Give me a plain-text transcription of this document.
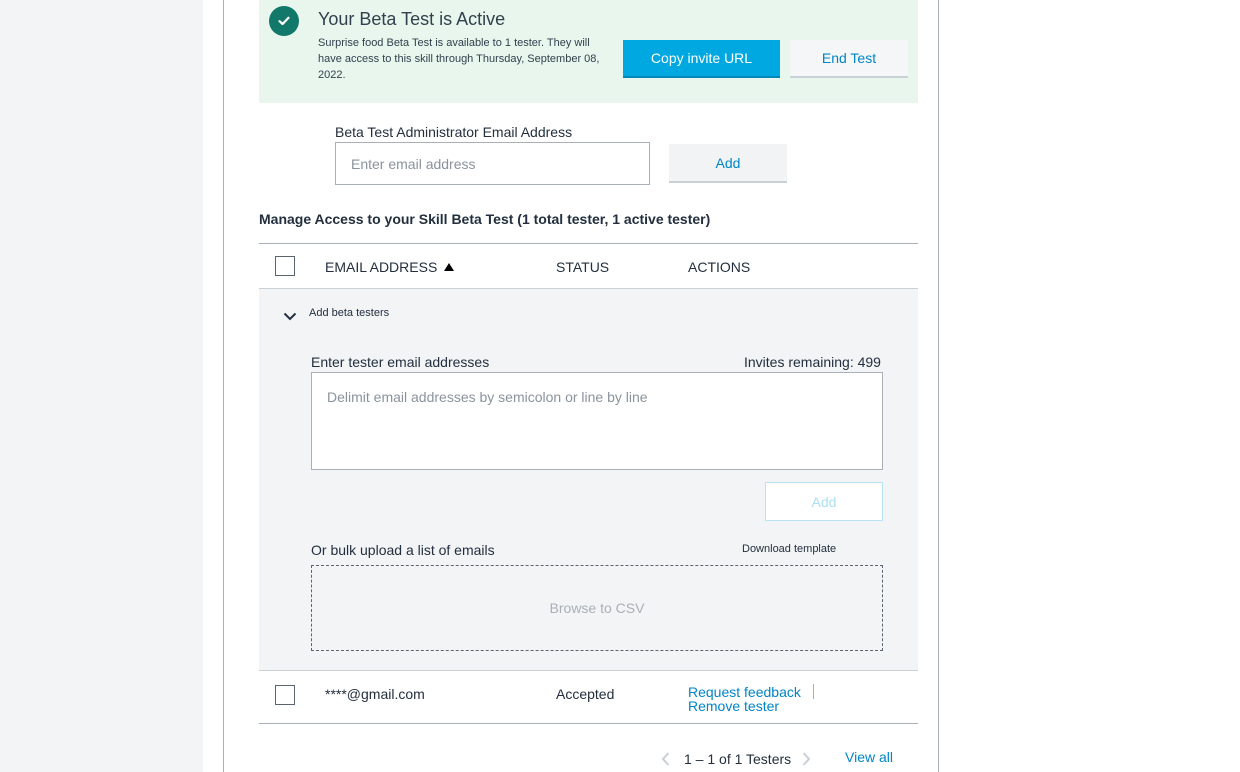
Your Beta Test is Active
Surprise food Beta Test is available to 1 tester. They will have access to this skill through Thursday, September 08, 2022.
Copy invite URL	End Test
Beta Test Administrator Email Address
Enter email address
Add
Manage Access to your Skill Beta Test (1 total tester, 1 active tester)
EMAIL ADDRESS	STATUS	ACTIONS
Add beta testers
Enter tester email addresses	Invites remaining: 499
Delimit email addresses by semicolon or line by line
Add
Or bulk upload a list of emails	Download template
Browse to CSV
****@gmail.com	Accepted	Request feedback
Remove tester
1 – 1 of 1 Testers	View all
